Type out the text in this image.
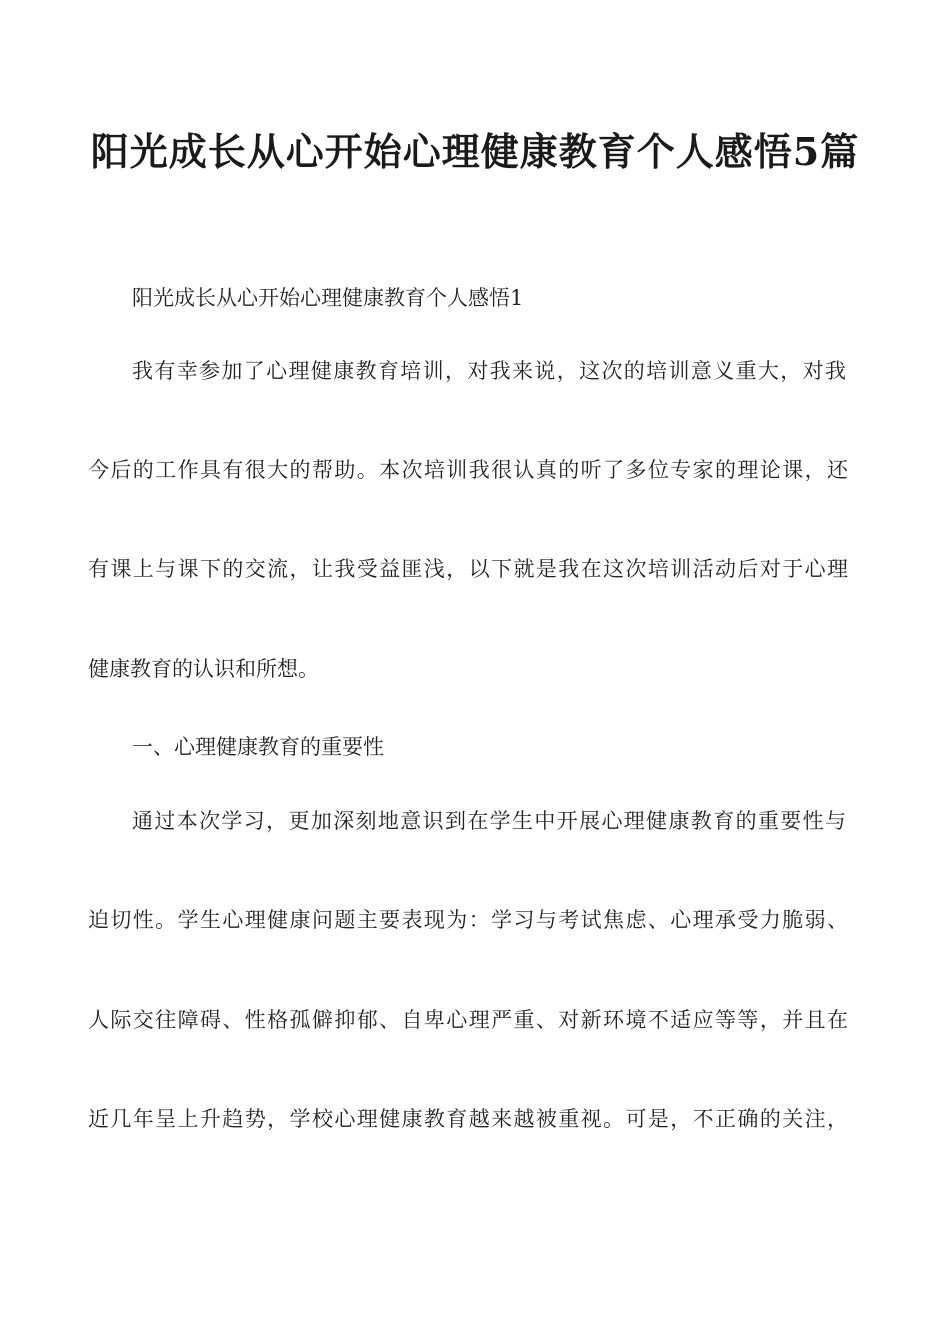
阳光成长从心开始心理健康教育个人感悟5篇
阳光成长从心开始心理健康教育个人感悟1
我有幸参加了心理健康教育培训，对我来说，这次的培训意义重大，对我
今后的工作具有很大的帮助。本次培训我很认真的听了多位专家的理论课，还
有课上与课下的交流，让我受益匪浅，以下就是我在这次培训活动后对于心理
健康教育的认识和所想。
一、心理健康教育的重要性
通过本次学习，更加深刻地意识到在学生中开展心理健康教育的重要性与
迫切性。学生心理健康问题主要表现为：学习与考试焦虑、心理承受力脆弱、
人际交往障碍、性格孤僻抑郁、自卑心理严重、对新环境不适应等等，并且在
近几年呈上升趋势，学校心理健康教育越来越被重视。可是，不正确的关注，
